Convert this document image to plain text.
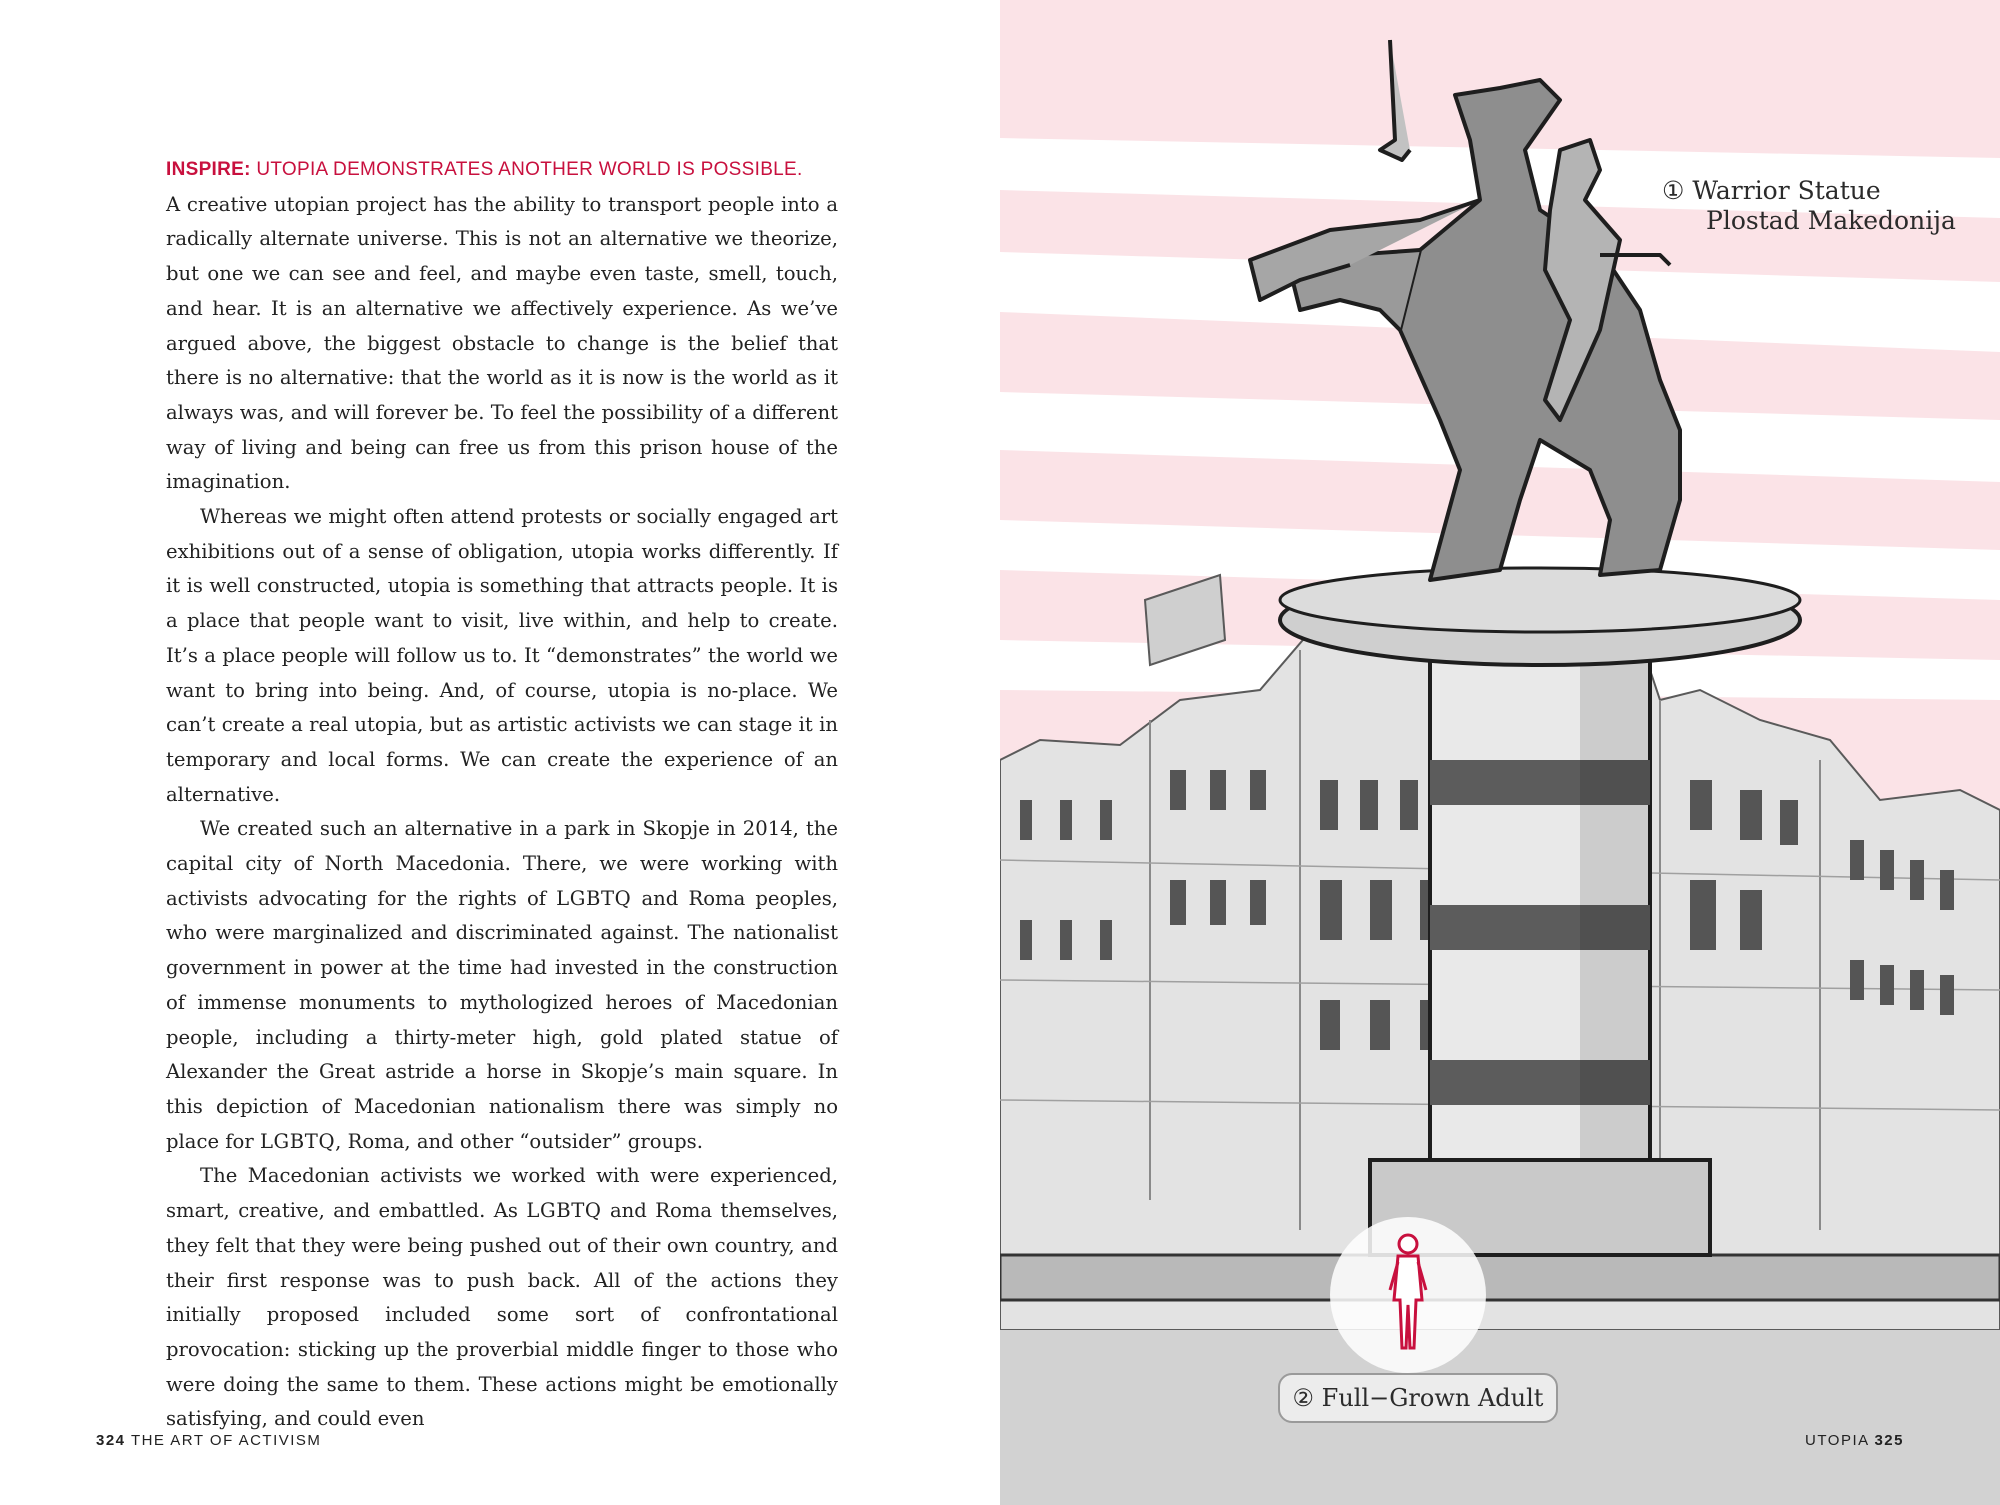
INSPIRE: UTOPIA DEMONSTRATES ANOTHER WORLD IS POSSIBLE.
A creative utopian project has the ability to transport people into a radically alternate universe. This is not an alternative we theorize, but one we can see and feel, and maybe even taste, smell, touch, and hear. It is an alternative we affectively experience. As we’ve argued above, the biggest obstacle to change is the belief that there is no alternative: that the world as it is now is the world as it always was, and will forever be. To feel the possibility of a different way of living and being can free us from this prison house of the imagination.
Whereas we might often attend protests or socially engaged art exhibitions out of a sense of obligation, utopia works differently. If it is well constructed, utopia is something that attracts people. It is a place that people want to visit, live within, and help to create. It’s a place people will follow us to. It “demonstrates” the world we want to bring into being. And, of course, utopia is no-place. We can’t create a real utopia, but as artistic activists we can stage it in temporary and local forms. We can create the experience of an alternative.
We created such an alternative in a park in Skopje in 2014, the capital city of North Macedonia. There, we were working with activists advocating for the rights of LGBTQ and Roma peoples, who were marginalized and discriminated against. The nationalist government in power at the time had invested in the construction of immense monuments to mythologized heroes of Macedonian people, including a thirty-meter high, gold plated statue of Alexander the Great astride a horse in Skopje’s main square. In this depiction of Macedonian nationalism there was simply no place for LGBTQ, Roma, and other “outsider” groups.
The Macedonian activists we worked with were experienced, smart, creative, and embattled. As LGBTQ and Roma themselves, they felt that they were being pushed out of their own country, and their first response was to push back. All of the actions they initially proposed included some sort of confrontational provocation: sticking up the proverbial middle finger to those who were doing the same to them. These actions might be emotionally satisfying, and could even
324 THE ART OF ACTIVISM	UTOPIA 325
① Warrior Statue
Plostad Makedonija
② Full−Grown Adult
